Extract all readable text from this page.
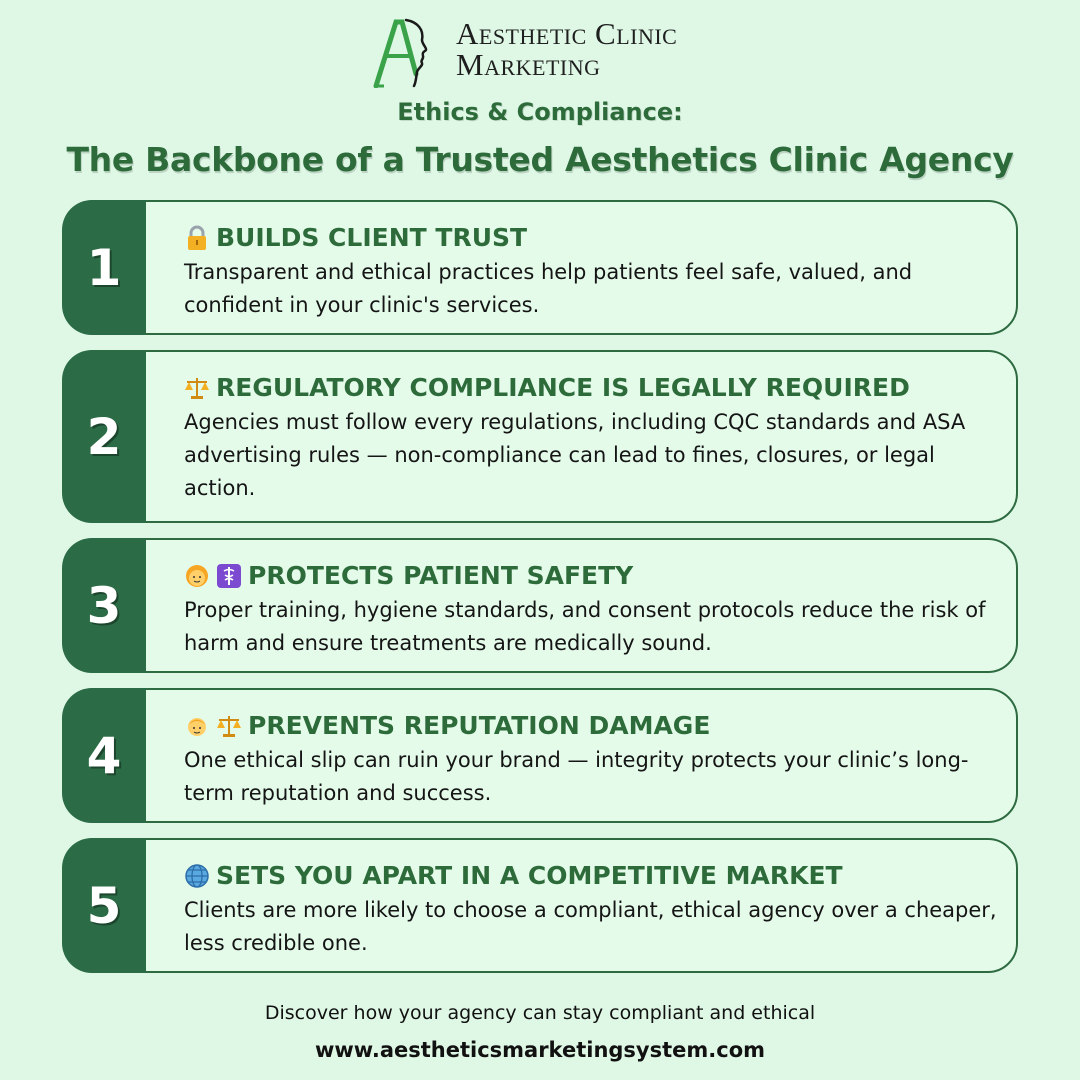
Aesthetic Clinic
Marketing
Ethics & Compliance:
The Backbone of a Trusted Aesthetics Clinic Agency
1
BUILDS CLIENT TRUST
Transparent and ethical practices help patients feel safe, valued, and confident in your clinic's services.
2
REGULATORY COMPLIANCE IS LEGALLY REQUIRED
Agencies must follow every regulations, including CQC standards and ASA advertising rules — non-compliance can lead to fines, closures, or legal action.
3
PROTECTS PATIENT SAFETY
Proper training, hygiene standards, and consent protocols reduce the risk of harm and ensure treatments are medically sound.
4
PREVENTS REPUTATION DAMAGE
One ethical slip can ruin your brand — integrity protects your clinic’s long-term reputation and success.
5
SETS YOU APART IN A COMPETITIVE MARKET
Clients are more likely to choose a compliant, ethical agency over a cheaper, less credible one.
Discover how your agency can stay compliant and ethical
www.aestheticsmarketingsystem.com
